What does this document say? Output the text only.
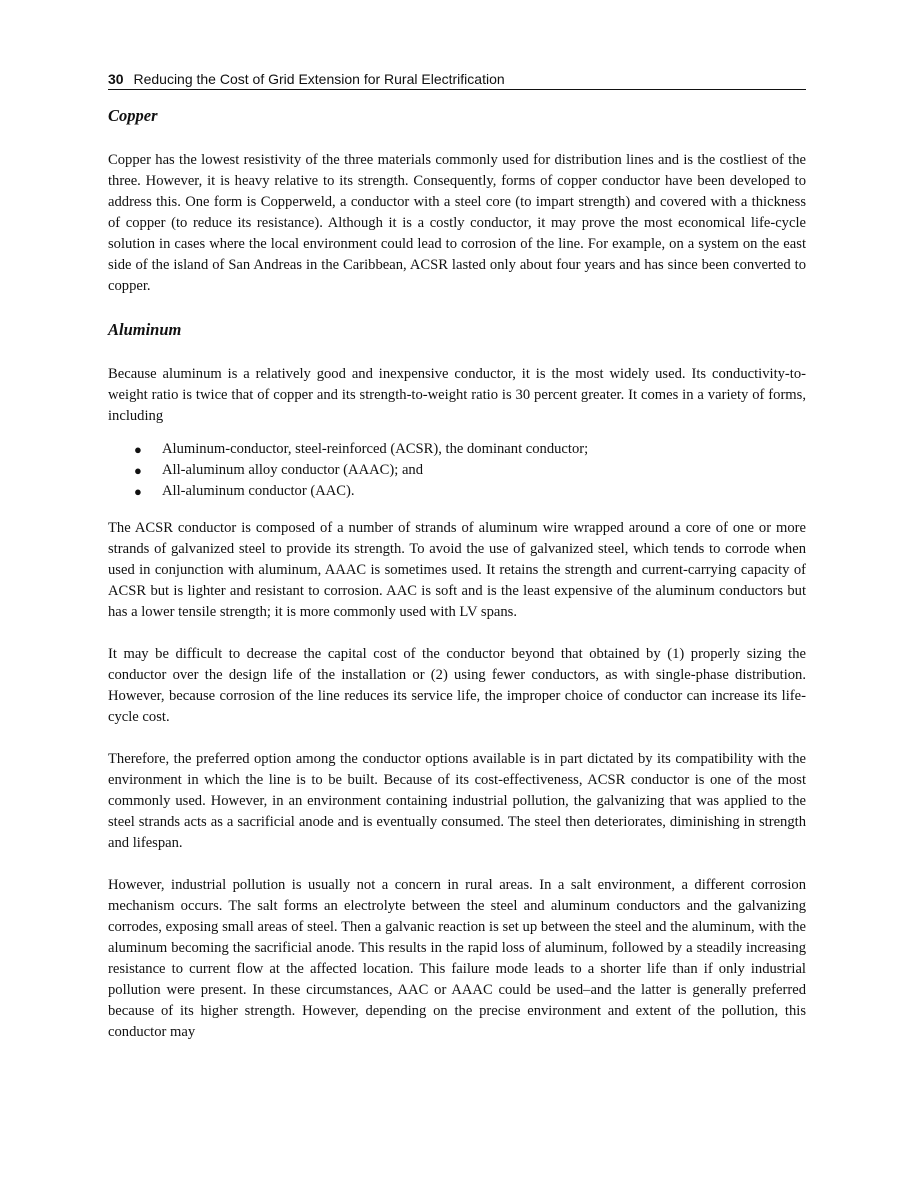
30 Reducing the Cost of Grid Extension for Rural Electrification
Copper

Copper has the lowest resistivity of the three materials commonly used for distribution lines and is the costliest of the three. However, it is heavy relative to its strength. Consequently, forms of copper conductor have been developed to address this. One form is Copperweld, a conductor with a steel core (to impart strength) and covered with a thickness of copper (to reduce its resistance). Although it is a costly conductor, it may prove the most economical life-cycle solution in cases where the local environment could lead to corrosion of the line. For example, on a system on the east side of the island of San Andreas in the Caribbean, ACSR lasted only about four years and has since been converted to copper.

Aluminum

Because aluminum is a relatively good and inexpensive conductor, it is the most widely used. Its conductivity-to-weight ratio is twice that of copper and its strength-to-weight ratio is 30 percent greater. It comes in a variety of forms, including

● Aluminum-conductor, steel-reinforced (ACSR), the dominant conductor;
● All-aluminum alloy conductor (AAAC); and
● All-aluminum conductor (AAC).

The ACSR conductor is composed of a number of strands of aluminum wire wrapped around a core of one or more strands of galvanized steel to provide its strength. To avoid the use of galvanized steel, which tends to corrode when used in conjunction with aluminum, AAAC is sometimes used. It retains the strength and current-carrying capacity of ACSR but is lighter and resistant to corrosion. AAC is soft and is the least expensive of the aluminum conductors but has a lower tensile strength; it is more commonly used with LV spans.

It may be difficult to decrease the capital cost of the conductor beyond that obtained by (1) properly sizing the conductor over the design life of the installation or (2) using fewer conductors, as with single-phase distribution. However, because corrosion of the line reduces its service life, the improper choice of conductor can increase its life-cycle cost.

Therefore, the preferred option among the conductor options available is in part dictated by its compatibility with the environment in which the line is to be built. Because of its cost-effectiveness, ACSR conductor is one of the most commonly used. However, in an environment containing industrial pollution, the galvanizing that was applied to the steel strands acts as a sacrificial anode and is eventually consumed. The steel then deteriorates, diminishing in strength and lifespan.

However, industrial pollution is usually not a concern in rural areas. In a salt environment, a different corrosion mechanism occurs. The salt forms an electrolyte between the steel and aluminum conductors and the galvanizing corrodes, exposing small areas of steel. Then a galvanic reaction is set up between the steel and the aluminum, with the aluminum becoming the sacrificial anode. This results in the rapid loss of aluminum, followed by a steadily increasing resistance to current flow at the affected location. This failure mode leads to a shorter life than if only industrial pollution were present. In these circumstances, AAC or AAAC could be used–and the latter is generally preferred because of its higher strength. However, depending on the precise environment and extent of the pollution, this conductor may
